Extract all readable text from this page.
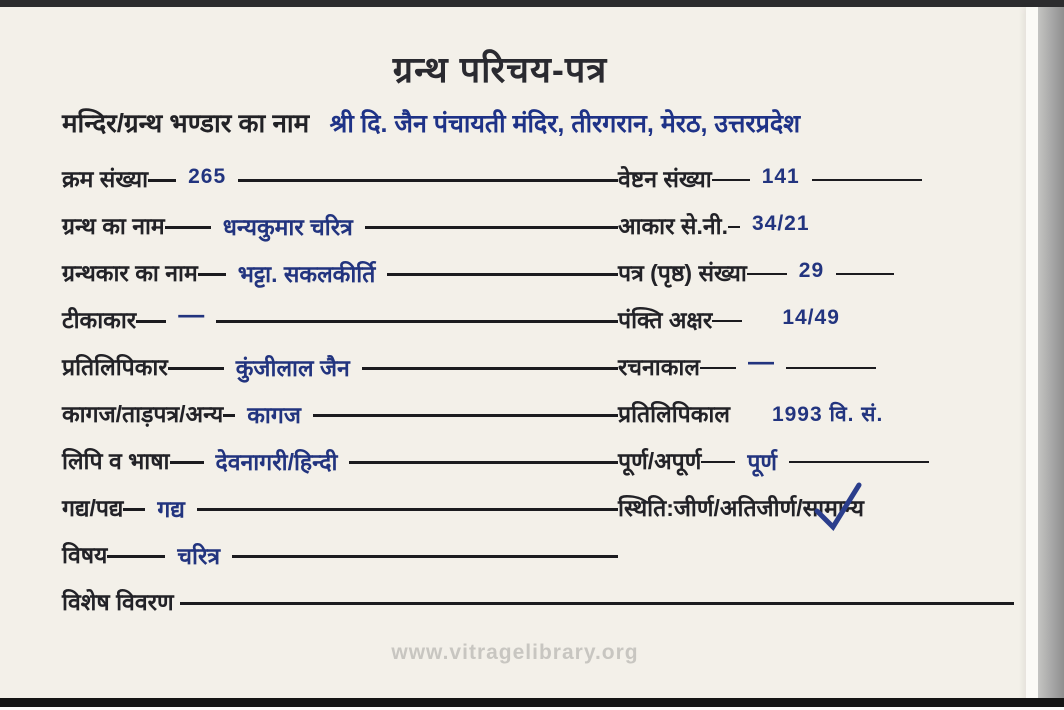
ग्रन्थ परिचय-पत्र
मन्दिर/ग्रन्थ भण्डार का नाम श्री दि. जैन पंचायती मंदिर, तीरगरान, मेरठ, उत्तरप्रदेश
क्रम संख्या	265	वेष्टन संख्या	141
ग्रन्थ का नाम	धन्यकुमार चरित्र	आकार से.नी.	34/21
ग्रन्थकार का नाम	भट्टा. सकलकीर्ति	पत्र (पृष्ठ) संख्या	29
टीकाकार	—	पंक्ति अक्षर	14/49
प्रतिलिपिकार	कुंजीलाल जैन	रचनाकाल	—
कागज/ताड़पत्र/अन्य	कागज	प्रतिलिपिकाल	1993 वि. सं.
लिपि व भाषा	देवनागरी/हिन्दी	पूर्ण/अपूर्ण	पूर्ण
गद्य/पद्य	गद्य	स्थिति:जीर्ण/अतिजीर्ण/ सामान्य
विषय	चरित्र
विशेष विवरण
www.vitragelibrary.org
